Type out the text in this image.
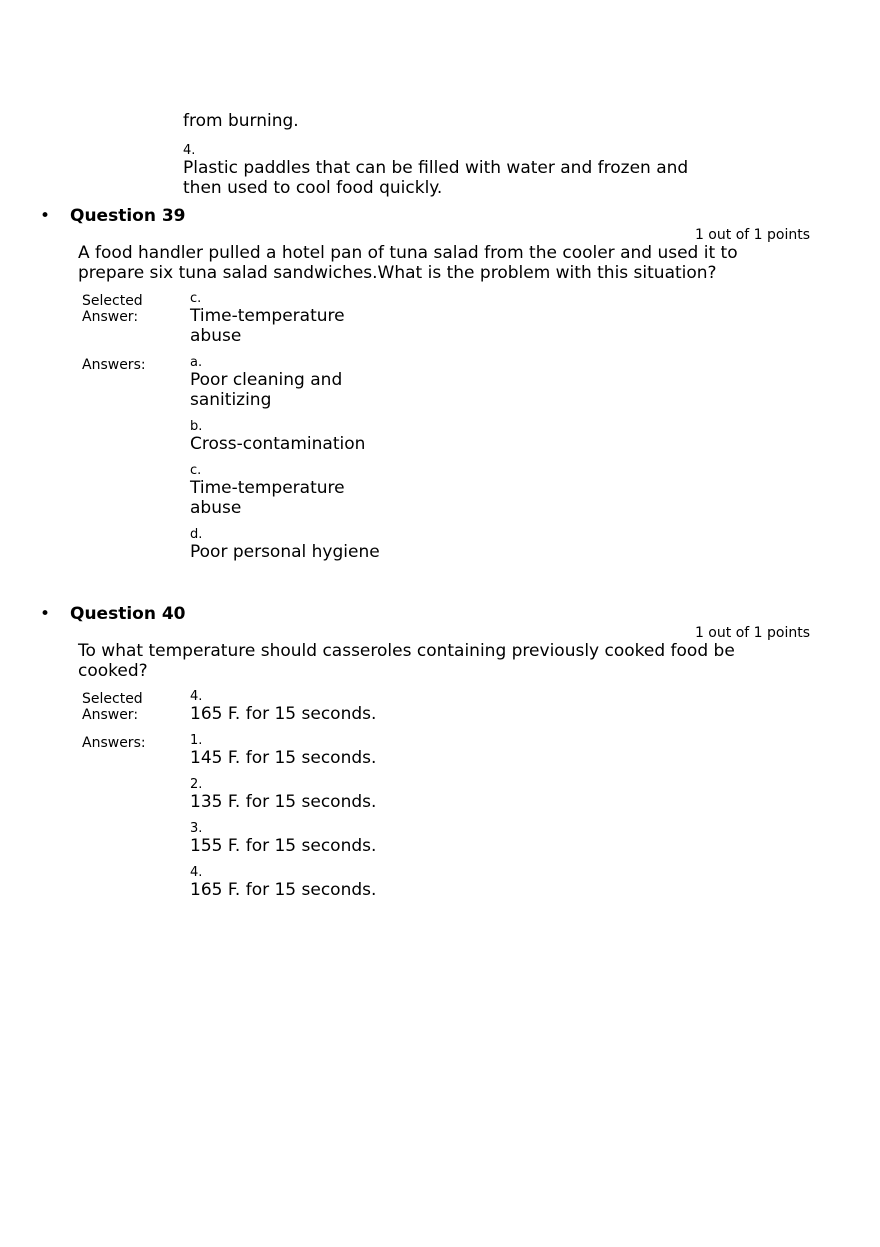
from burning.
4.
Plastic paddles that can be filled with water and frozen and then used to cool food quickly.
• Question 39
1 out of 1 points
A food handler pulled a hotel pan of tuna salad from the cooler and used it to prepare six tuna salad sandwiches.What is the problem with this situation?
Selected Answer:
c.
Time-temperature abuse
Answers:	a.
Poor cleaning and sanitizing
b.
Cross-contamination
c.
Time-temperature abuse
d.
Poor personal hygiene
• Question 40
1 out of 1 points
To what temperature should casseroles containing previously cooked food be cooked?
Selected Answer:
4.
165 F. for 15 seconds.
Answers:	1.
145 F. for 15 seconds.
2.
135 F. for 15 seconds.
3.
155 F. for 15 seconds.
4.
165 F. for 15 seconds.
